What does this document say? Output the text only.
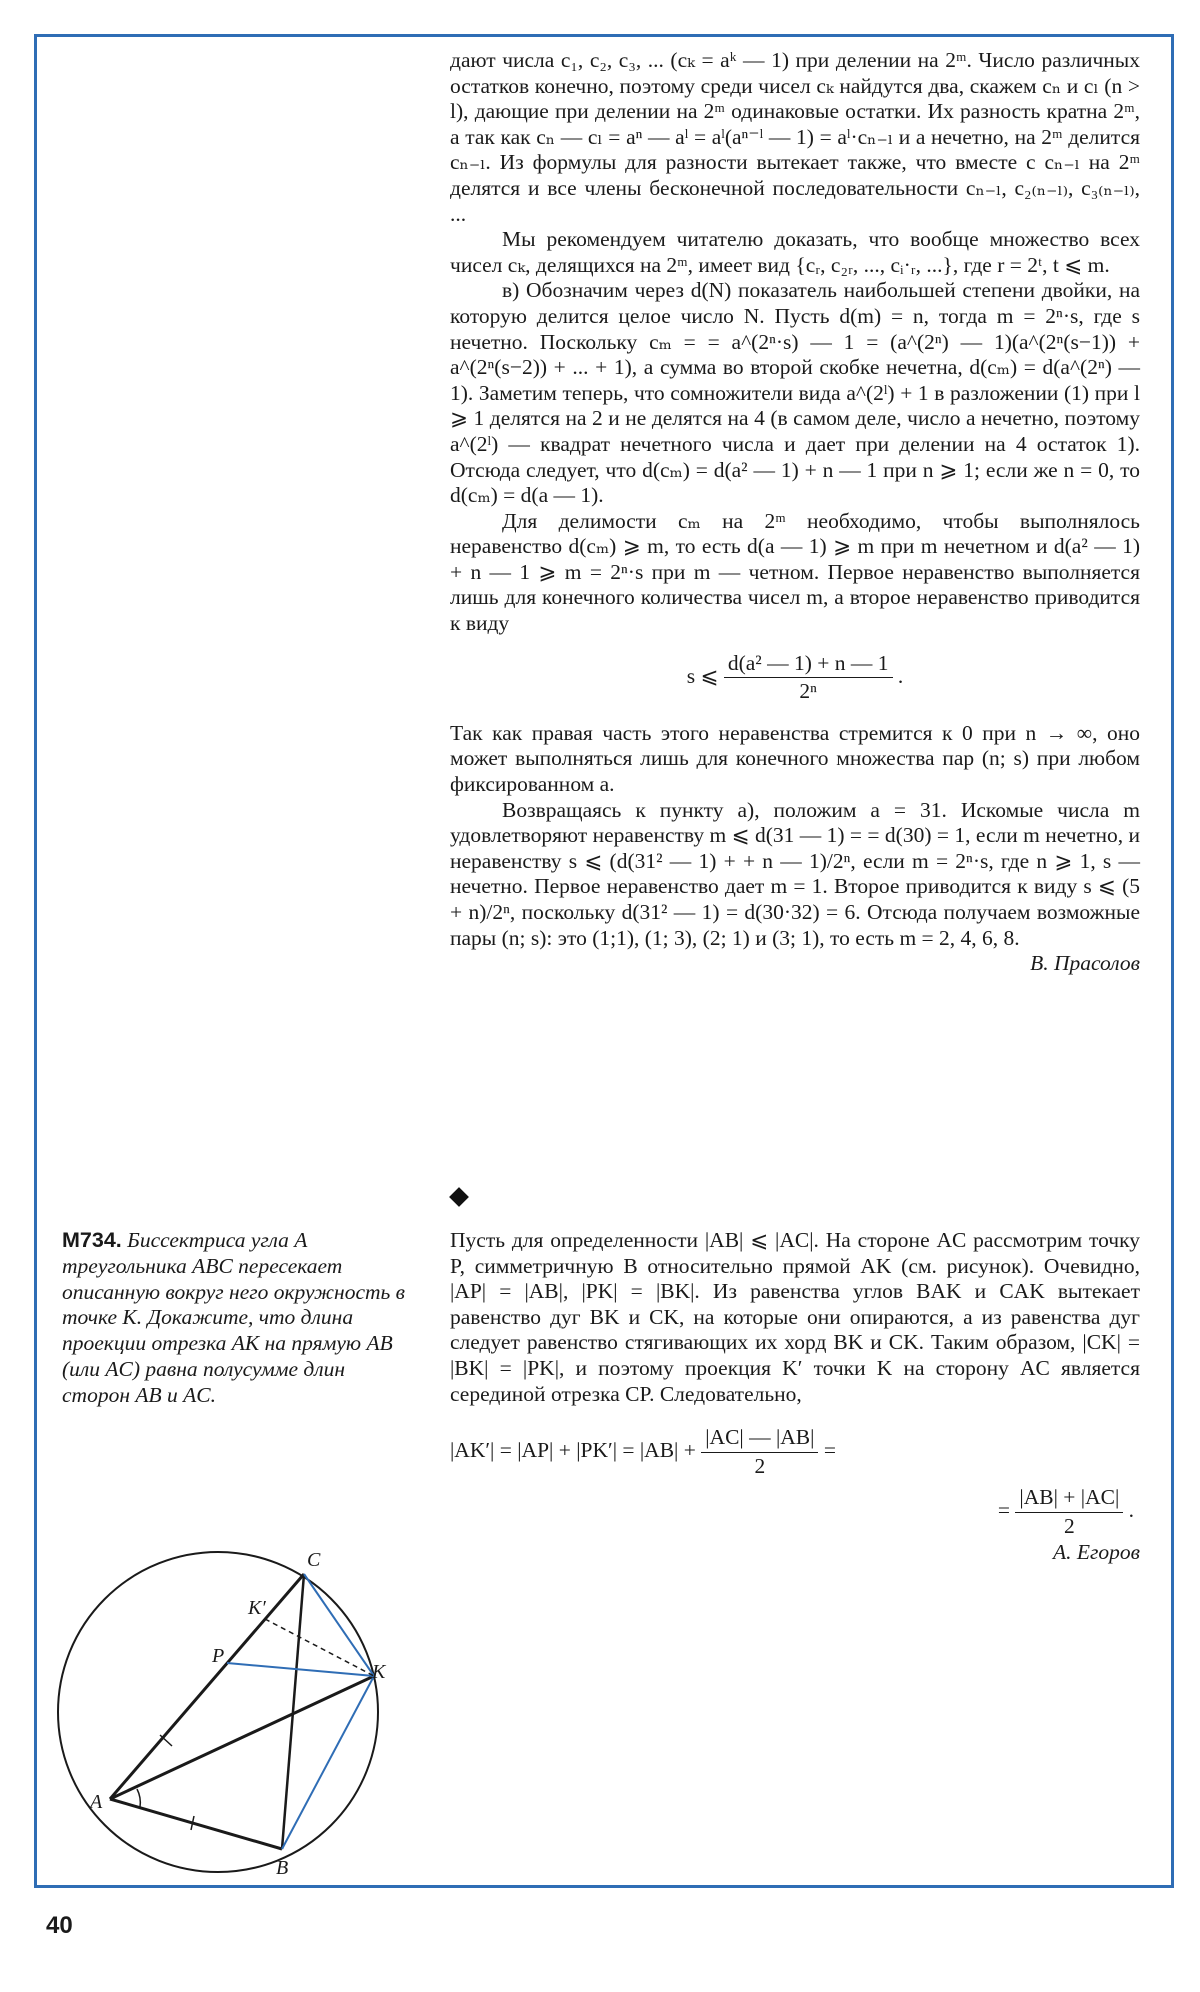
дают числа c₁, c₂, c₃, ... (cₖ = aᵏ — 1) при делении на 2ᵐ. Число различных остатков конечно, поэтому среди чисел cₖ найдутся два, скажем cₙ и cₗ (n > l), дающие при делении на 2ᵐ одинаковые остатки. Их разность кратна 2ᵐ, а так как cₙ — cₗ = aⁿ — aˡ = aˡ(aⁿ⁻ˡ — 1) = aˡ·cₙ₋ₗ и a нечетно, на 2ᵐ делится cₙ₋ₗ. Из формулы для разности вытекает также, что вместе с cₙ₋ₗ на 2ᵐ делятся и все члены бесконечной последовательности cₙ₋ₗ, c₂₍ₙ₋ₗ₎, c₃₍ₙ₋ₗ₎, ...

Мы рекомендуем читателю доказать, что вообще множество всех чисел cₖ, делящихся на 2ᵐ, имеет вид {cᵣ, c₂ᵣ, ..., cᵢ·ᵣ, ...}, где r = 2ᵗ, t ⩽ m.

в) Обозначим через d(N) показатель наибольшей степени двойки, на которую делится целое число N. Пусть d(m) = n, тогда m = 2ⁿ·s, где s нечетно. Поскольку cₘ = = a^(2ⁿ·s) — 1 = (a^(2ⁿ) — 1)(a^(2ⁿ(s−1)) + a^(2ⁿ(s−2)) + ... + 1), а сумма во второй скобке нечетна, d(cₘ) = d(a^(2ⁿ) — 1). Заметим теперь, что сомножители вида a^(2ˡ) + 1 в разложении (1) при l ⩾ 1 делятся на 2 и не делятся на 4 (в самом деле, число a нечетно, поэтому a^(2ˡ) — квадрат нечетного числа и дает при делении на 4 остаток 1). Отсюда следует, что d(cₘ) = d(a² — 1) + n — 1 при n ⩾ 1; если же n = 0, то d(cₘ) = d(a — 1).

Для делимости cₘ на 2ᵐ необходимо, чтобы выполнялось неравенство d(cₘ) ⩾ m, то есть d(a — 1) ⩾ m при m нечетном и d(a² — 1) + n — 1 ⩾ m = 2ⁿ·s при m — четном. Первое неравенство выполняется лишь для конечного количества чисел m, а второе неравенство приводится к виду

s ⩽ $\frac{\text{d(a² — 1) + n — 1}}{\text{2ⁿ}}$ .

Так как правая часть этого неравенства стремится к 0 при n → ∞, оно может выполняться лишь для конечного множества пар (n; s) при любом фиксированном a.

Возвращаясь к пункту а), положим a = 31. Искомые числа m удовлетворяют неравенству m ⩽ d(31 — 1) = = d(30) = 1, если m нечетно, и неравенству s ⩽ (d(31² — 1) + + n — 1)/2ⁿ, если m = 2ⁿ·s, где n ⩾ 1, s — нечетно. Первое неравенство дает m = 1. Второе приводится к виду s ⩽ (5 + n)/2ⁿ, поскольку d(31² — 1) = d(30·32) = 6. Отсюда получаем возможные пары (n; s): это (1;1), (1; 3), (2; 1) и (3; 1), то есть m = 2, 4, 6, 8.

В. Прасолов

М734. Биссектриса угла A треугольника ABC пересекает описанную вокруг него окружность в точке K. Докажите, что длина проекции отрезка AK на прямую AB (или AC) равна полусумме длин сторон AB и AC.

Пусть для определенности |AB| ⩽ |AC|. На стороне AC рассмотрим точку P, симметричную B относительно прямой AK (см. рисунок). Очевидно, |AP| = |AB|, |PK| = |BK|. Из равенства углов BAK и CAK вытекает равенство дуг BK и CK, на которые они опираются, а из равенства дуг следует равенство стягивающих их хорд BK и CK. Таким образом, |CK| = |BK| = |PK|, и поэтому проекция K′ точки K на сторону AC является серединой отрезка CP. Следовательно,

$|AK'| = |AP| + |PK'| = |AB| + \frac{|AC| — |AB|}{2}$ =
= $\frac{|AB| + |AC|}{2}$ .

А. Егоров

A
B
C
K
P
K′
40
